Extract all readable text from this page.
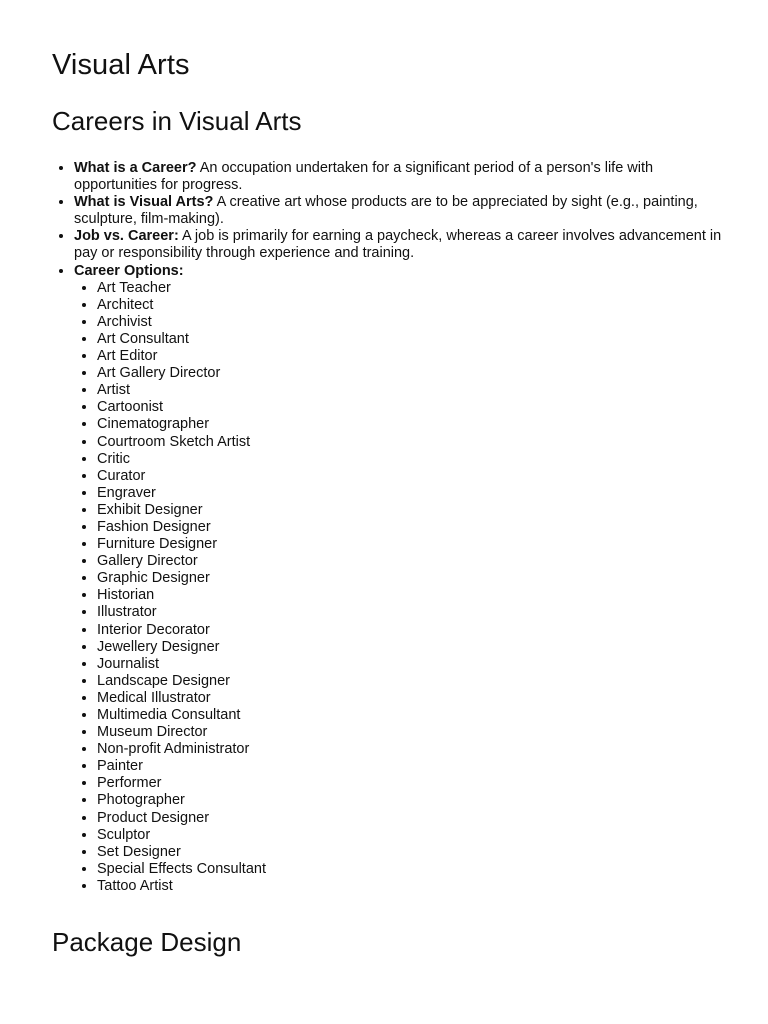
Visual Arts
Careers in Visual Arts
• What is a Career? An occupation undertaken for a significant period of a person's life with opportunities for progress.
• What is Visual Arts? A creative art whose products are to be appreciated by sight (e.g., painting, sculpture, film-making).
• Job vs. Career: A job is primarily for earning a paycheck, whereas a career involves advancement in pay or responsibility through experience and training.
• Career Options:
• Art Teacher
• Architect
• Archivist
• Art Consultant
• Art Editor
• Art Gallery Director
• Artist
• Cartoonist
• Cinematographer
• Courtroom Sketch Artist
• Critic
• Curator
• Engraver
• Exhibit Designer
• Fashion Designer
• Furniture Designer
• Gallery Director
• Graphic Designer
• Historian
• Illustrator
• Interior Decorator
• Jewellery Designer
• Journalist
• Landscape Designer
• Medical Illustrator
• Multimedia Consultant
• Museum Director
• Non-profit Administrator
• Painter
• Performer
• Photographer
• Product Designer
• Sculptor
• Set Designer
• Special Effects Consultant
• Tattoo Artist
Package Design
